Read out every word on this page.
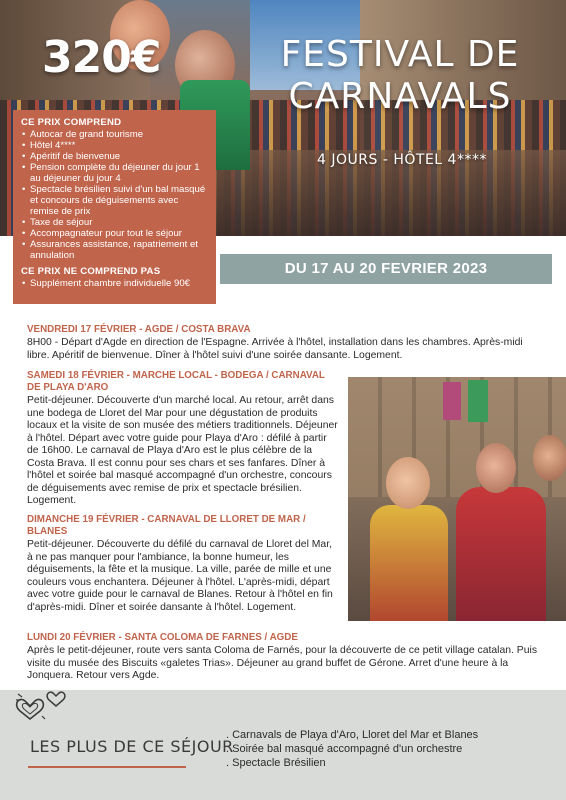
320€	FESTIVAL DE
CARNAVALS
4 JOURS - HÔTEL 4****
CE PRIX COMPREND
• Autocar de grand tourisme
• Hôtel 4****
• Apéritif de bienvenue
• Pension complète du déjeuner du jour 1 au déjeuner du jour 4
• Spectacle brésilien suivi d'un bal masqué et concours de déguisements avec remise de prix
• Taxe de séjour
• Accompagnateur pour tout le séjour
• Assurances assistance, rapatriement et annulation
CE PRIX NE COMPREND PAS
• Supplément chambre individuelle 90€
DU 17 AU 20 FEVRIER 2023
VENDREDI 17 FÉVRIER - AGDE / COSTA BRAVA

8H00 - Départ d'Agde en direction de l'Espagne. Arrivée à l'hôtel, installation dans les chambres. Après-midi libre. Apéritif de bienvenue. Dîner à l'hôtel suivi d'une soirée dansante. Logement.

SAMEDI 18 FÉVRIER - MARCHE LOCAL - BODEGA / CARNAVAL DE PLAYA D'ARO

Petit-déjeuner. Découverte d'un marché local. Au retour, arrêt dans une bodega de Lloret del Mar pour une dégustation de produits locaux et la visite de son musée des métiers traditionnels. Déjeuner à l'hôtel. Départ avec votre guide pour Playa d'Aro : défilé à partir de 16h00. Le carnaval de Playa d'Aro est le plus célèbre de la Costa Brava. Il est connu pour ses chars et ses fanfares. Dîner à l'hôtel et soirée bal masqué accompagné d'un orchestre, concours de déguisements avec remise de prix et spectacle brésilien. Logement.

DIMANCHE 19 FÉVRIER - CARNAVAL DE LLORET DE MAR / BLANES

Petit-déjeuner. Découverte du défilé du carnaval de Lloret del Mar, à ne pas manquer pour l'ambiance, la bonne humeur, les déguisements, la fête et la musique. La ville, parée de mille et une couleurs vous enchantera. Déjeuner à l'hôtel. L'après-midi, départ avec votre guide pour le carnaval de Blanes. Retour à l'hôtel en fin d'après-midi. Dîner et soirée dansante à l'hôtel. Logement.

LUNDI 20 FÉVRIER - SANTA COLOMA DE FARNES / AGDE

Après le petit-déjeuner, route vers santa Coloma de Farnés, pour la découverte de ce petit village catalan. Puis visite du musée des Biscuits «galetes Trias». Déjeuner au grand buffet de Gérone. Arret d'une heure à la Jonquera. Retour vers Agde.

LES PLUS DE CE SÉJOUR
. Carnavals de Playa d'Aro, Lloret del Mar et Blanes
. Soirée bal masqué accompagné d'un orchestre
. Spectacle Brésilien
